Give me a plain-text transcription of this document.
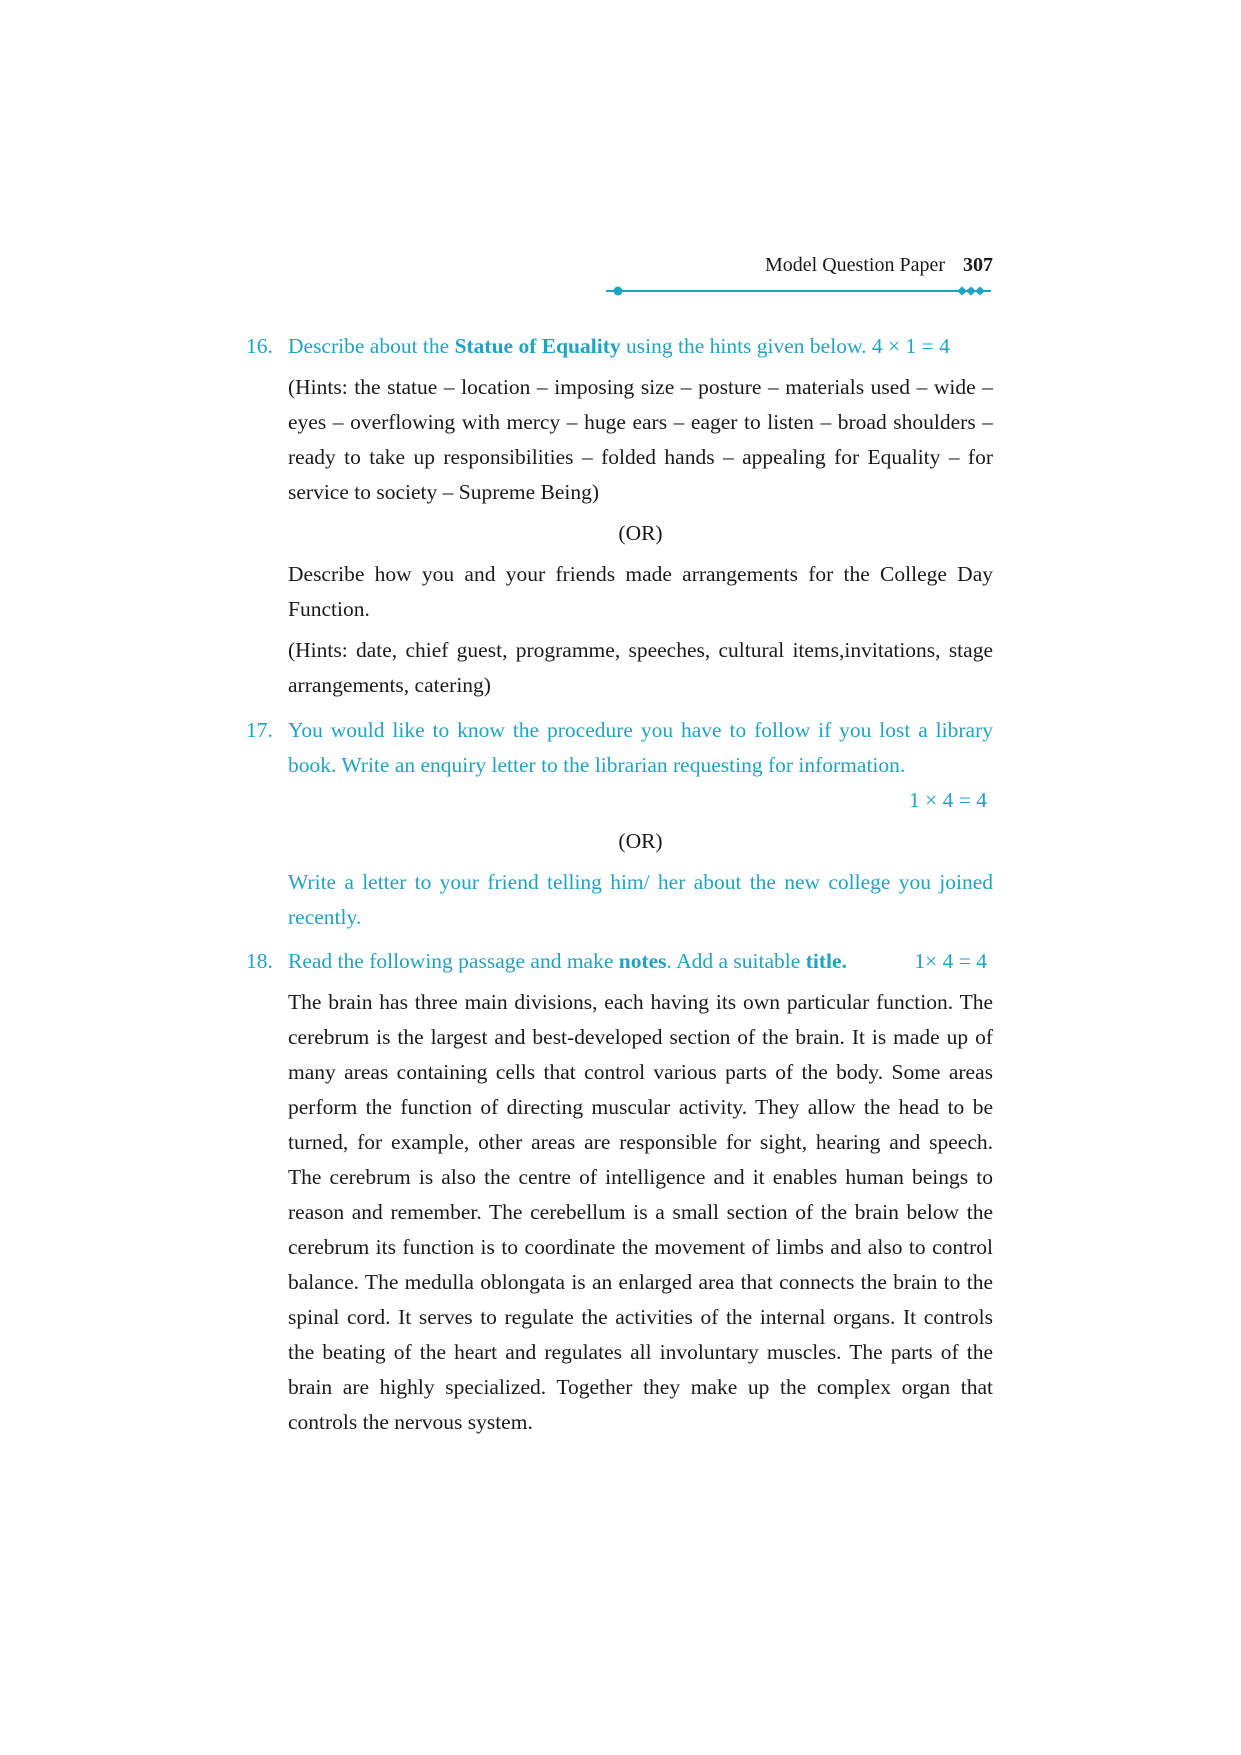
Model Question Paper 307
16. Describe about the Statue of Equality using the hints given below. 4 × 1 = 4
(Hints: the statue – location – imposing size – posture – materials used – wide – eyes – overflowing with mercy – huge ears – eager to listen – broad shoulders – ready to take up responsibilities – folded hands – appealing for Equality – for service to society – Supreme Being)
(OR)
Describe how you and your friends made arrangements for the College Day Function.
(Hints: date, chief guest, programme, speeches, cultural items,invitations, stage arrangements, catering)
17. You would like to know the procedure you have to follow if you lost a library book. Write an enquiry letter to the librarian requesting for information.
1 × 4 = 4
(OR)
Write a letter to your friend telling him/ her about the new college you joined recently.
18.	1× 4 = 4
Read the following passage and make notes. Add a suitable title.
The brain has three main divisions, each having its own particular function. The cerebrum is the largest and best-developed section of the brain. It is made up of many areas containing cells that control various parts of the body. Some areas perform the function of directing muscular activity. They allow the head to be turned, for example, other areas are responsible for sight, hearing and speech. The cerebrum is also the centre of intelligence and it enables human beings to reason and remember. The cerebellum is a small section of the brain below the cerebrum its function is to coordinate the movement of limbs and also to control balance. The medulla oblongata is an enlarged area that connects the brain to the spinal cord. It serves to regulate the activities of the internal organs. It controls the beating of the heart and regulates all involuntary muscles. The parts of the brain are highly specialized. Together they make up the complex organ that controls the nervous system.
